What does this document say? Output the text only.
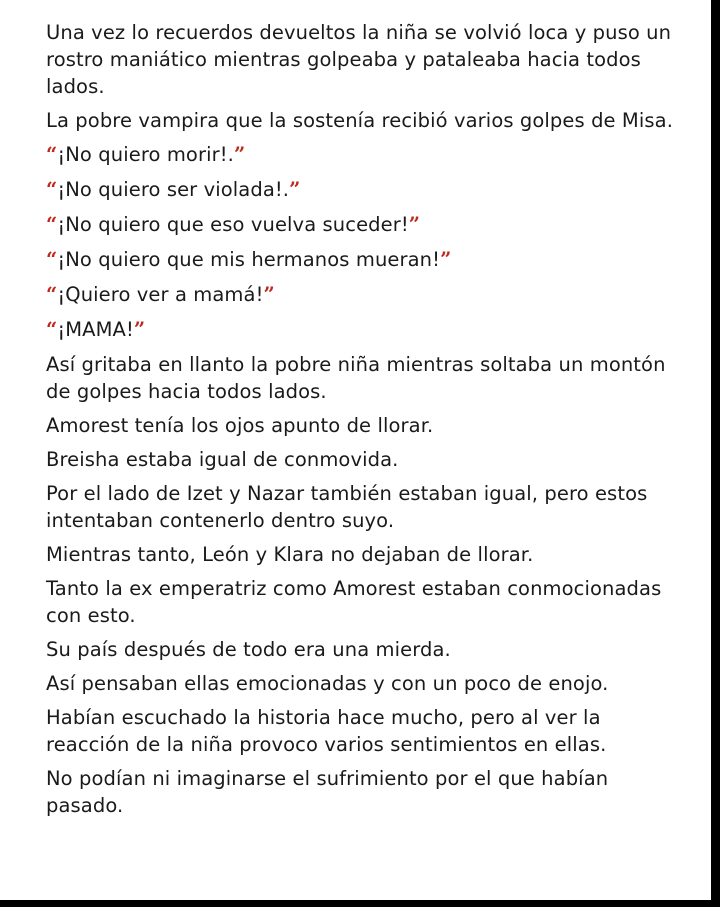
Una vez lo recuerdos devueltos la niña se volvió loca y puso un rostro maniático mientras golpeaba y pataleaba hacia todos lados.

La pobre vampira que la sostenía recibió varios golpes de Misa.

“¡No quiero morir!.”

“¡No quiero ser violada!.”

“¡No quiero que eso vuelva suceder!”

“¡No quiero que mis hermanos mueran!”

“¡Quiero ver a mamá!”

“¡MAMA!”

Así gritaba en llanto la pobre niña mientras soltaba un montón de golpes hacia todos lados.

Amorest tenía los ojos apunto de llorar.

Breisha estaba igual de conmovida.

Por el lado de Izet y Nazar también estaban igual, pero estos intentaban contenerlo dentro suyo.

Mientras tanto, León y Klara no dejaban de llorar.

Tanto la ex emperatriz como Amorest estaban conmocionadas con esto.

Su país después de todo era una mierda.

Así pensaban ellas emocionadas y con un poco de enojo.

Habían escuchado la historia hace mucho, pero al ver la reacción de la niña provoco varios sentimientos en ellas.

No podían ni imaginarse el sufrimiento por el que habían pasado.
